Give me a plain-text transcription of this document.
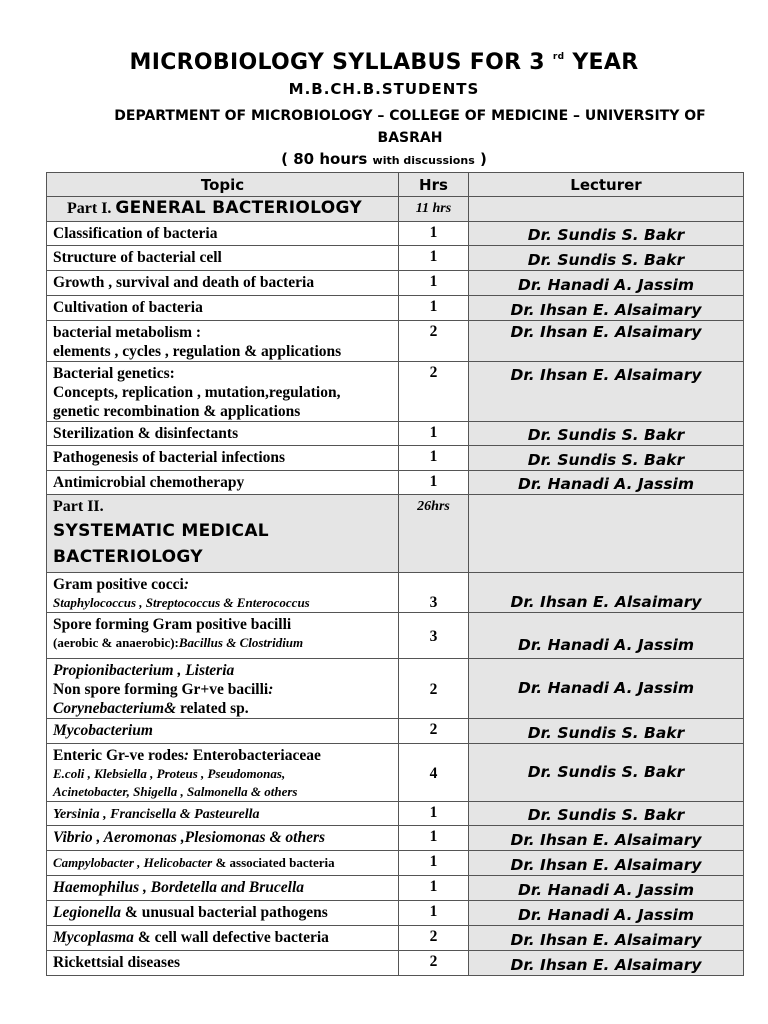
MICROBIOLOGY SYLLABUS FOR 3 $^{rd}$ YEAR
M.B.CH.B.STUDENTS
DEPARTMENT OF MICROBIOLOGY – COLLEGE OF MEDICINE – UNIVERSITY OF BASRAH
( 80 hours with discussions )
Topic	Hrs	Lecturer
Part I. GENERAL BACTERIOLOGY	11 hrs	
Classification of bacteria	1	Dr. Sundis S. Bakr
Structure of bacterial cell	1	Dr. Sundis S. Bakr
Growth , survival and death of bacteria	1	Dr. Hanadi A. Jassim
Cultivation of bacteria	1	Dr. Ihsan E. Alsaimary

bacterial metabolism :
elements , cycles , regulation & applications	2	Dr. Ihsan E. Alsaimary

Bacterial genetics:
Concepts, replication , mutation,regulation,
genetic recombination & applications	2	Dr. Ihsan E. Alsaimary
Sterilization & disinfectants	1	Dr. Sundis S. Bakr
Pathogenesis of bacterial infections	1	Dr. Sundis S. Bakr
Antimicrobial chemotherapy	1	Dr. Hanadi A. Jassim

Part II.
SYSTEMATIC MEDICAL
BACTERIOLOGY	26hrs	
Gram positive cocci:
Staphylococcus , Streptococcus & Enterococcus	3	Dr. Ihsan E. Alsaimary

Spore forming Gram positive bacilli
(aerobic & anaerobic):Bacillus & Clostridium	3	Dr. Hanadi A. Jassim

Propionibacterium , Listeria
Non spore forming Gr+ve bacilli:
Corynebacterium& related sp.	2	Dr. Hanadi A. Jassim
Mycobacterium	2	Dr. Sundis S. Bakr

Enteric Gr-ve rodes: Enterobacteriaceae
E.coli , Klebsiella , Proteus , Pseudomonas,
Acinetobacter, Shigella , Salmonella & others	4	Dr. Sundis S. Bakr
Yersinia , Francisella & Pasteurella	1	Dr. Sundis S. Bakr
Vibrio , Aeromonas ,Plesiomonas & others	1	Dr. Ihsan E. Alsaimary
Campylobacter , Helicobacter & associated bacteria	1	Dr. Ihsan E. Alsaimary
Haemophilus , Bordetella and Brucella	1	Dr. Hanadi A. Jassim
Legionella & unusual bacterial pathogens	1	Dr. Hanadi A. Jassim
Mycoplasma & cell wall defective bacteria	2	Dr. Ihsan E. Alsaimary
Rickettsial diseases	2	Dr. Ihsan E. Alsaimary
